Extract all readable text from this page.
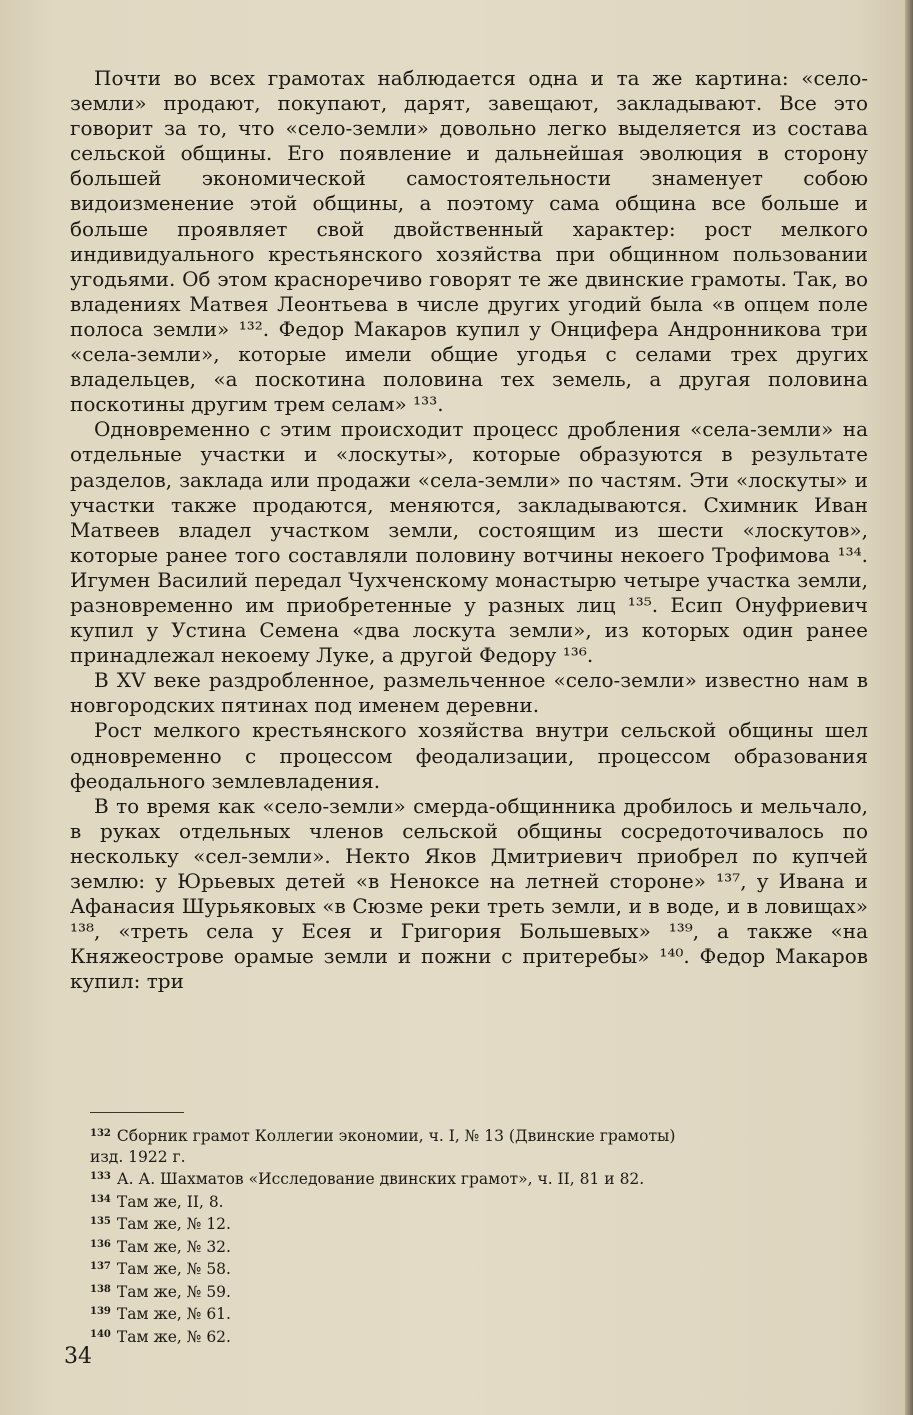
Почти во всех грамотах наблюдается одна и та же картина: «село-земли» продают, покупают, дарят, завещают, закладывают. Все это говорит за то, что «село-земли» довольно легко выделяется из состава сельской общины. Его появление и дальнейшая эволюция в сторону большей экономической самостоятельности знаменует собою видоизменение этой общины, а поэтому сама община все больше и больше проявляет свой двойственный характер: рост мелкого индивидуального крестьянского хозяйства при общинном пользовании угодьями. Об этом красноречиво говорят те же двинские грамоты. Так, во владениях Матвея Леонтьева в числе других угодий была «в опцем поле полоса земли» ¹³². Федор Макаров купил у Онцифера Андронникова три «села-земли», которые имели общие угодья с селами трех других владельцев, «а поскотина половина тех земель, а другая половина поскотины другим трем селам» ¹³³.

Одновременно с этим происходит процесс дробления «села-земли» на отдельные участки и «лоскуты», которые образуются в результате разделов, заклада или продажи «села-земли» по частям. Эти «лоскуты» и участки также продаются, меняются, закладываются. Схимник Иван Матвеев владел участком земли, состоящим из шести «лоскутов», которые ранее того составляли половину вотчины некоего Трофимова ¹³⁴. Игумен Василий передал Чухченскому монастырю четыре участка земли, разновременно им приобретенные у разных лиц ¹³⁵. Есип Онуфриевич купил у Устина Семена «два лоскута земли», из которых один ранее принадлежал некоему Луке, а другой Федору ¹³⁶.

В XV веке раздробленное, размельченное «село-земли» известно нам в новгородских пятинах под именем деревни.

Рост мелкого крестьянского хозяйства внутри сельской общины шел одновременно с процессом феодализации, процессом образования феодального землевладения.

В то время как «село-земли» смерда-общинника дробилось и мельчало, в руках отдельных членов сельской общины сосредоточивалось по нескольку «сел-земли». Некто Яков Дмитриевич приобрел по купчей землю: у Юрьевых детей «в Ненoксе на летней стороне» ¹³⁷, у Ивана и Афанасия Шурьяковых «в Сюзме реки треть земли, и в воде, и в ловищах» ¹³⁸, «треть села у Есея и Григория Большевых» ¹³⁹, а также «на Княжеострове орамые земли и пожни с притеребы» ¹⁴⁰. Федор Макаров купил: три

$^{132}$ Сборник грамот Коллегии экономии, ч. I, № 13 (Двинские грамоты)

изд. 1922 г.

$^{133}$ А. А. Шахматов «Исследование двинских грамот», ч. II, 81 и 82.

$^{134}$ Там же, II, 8.

$^{135}$ Там же, № 12.

$^{136}$ Там же, № 32.

$^{137}$ Там же, № 58.

$^{138}$ Там же, № 59.

$^{139}$ Там же, № 61.

$^{140}$ Там же, № 62.

34
